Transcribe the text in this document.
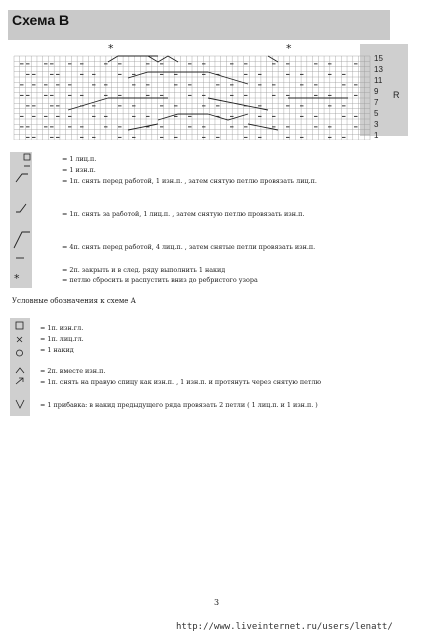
Схема В
R
*	*
15
13
11
9
7
5
3
1
*
= 1 лиц.п.
= 1 изн.п.
= 1п. снять перед работой, 1 изн.п. , затем снятую петлю провязать лиц.п.
= 1п. снять за работой, 1 лиц.п. , затем снятую петлю провязать изн.п.
= 4п. снять перед работой, 4 лиц.п. , затем снятые петли провязать изн.п.
= 2п. закрыть и в след. ряду выполнить 1 накид
= петлю сбросить и распустить вниз до ребристого узора
Условные обозначения к схеме А
= 1п. изн.гл.
= 1п. лиц.гл.
= 1 накид
= 2п. вместе изн.п.
= 1п. снять на правую спицу как изн.п. , 1 изн.п. и протянуть через снятую петлю
= 1 прибавка: в накид предыдущего ряда провязать 2 петли ( 1 лиц.п. и 1 изн.п. )
3
http://www.liveinternet.ru/users/lenatt/
